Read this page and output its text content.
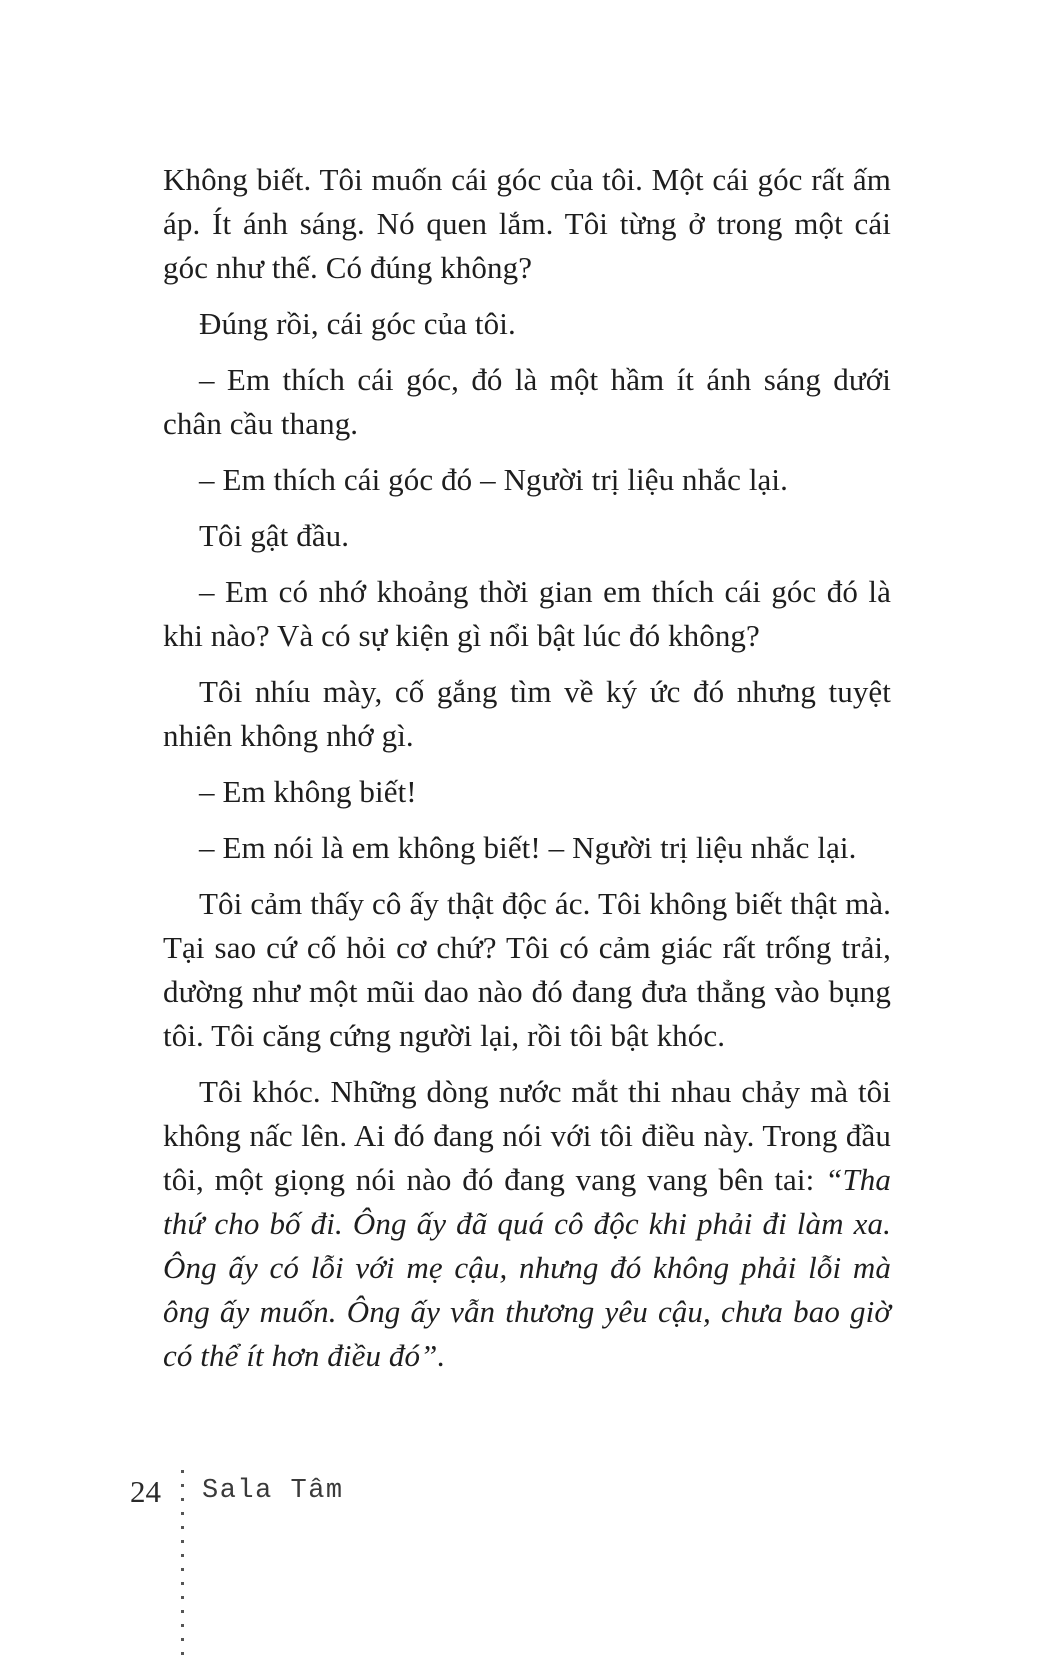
Không biết. Tôi muốn cái góc của tôi. Một cái góc rất ấm áp. Ít ánh sáng. Nó quen lắm. Tôi từng ở trong một cái góc như thế. Có đúng không?

Đúng rồi, cái góc của tôi.

– Em thích cái góc, đó là một hầm ít ánh sáng dưới chân cầu thang.

– Em thích cái góc đó – Người trị liệu nhắc lại.

Tôi gật đầu.

– Em có nhớ khoảng thời gian em thích cái góc đó là khi nào? Và có sự kiện gì nổi bật lúc đó không?

Tôi nhíu mày, cố gắng tìm về ký ức đó nhưng tuyệt nhiên không nhớ gì.

– Em không biết!

– Em nói là em không biết! – Người trị liệu nhắc lại.

Tôi cảm thấy cô ấy thật độc ác. Tôi không biết thật mà. Tại sao cứ cố hỏi cơ chứ? Tôi có cảm giác rất trống trải, dường như một mũi dao nào đó đang đưa thẳng vào bụng tôi. Tôi căng cứng người lại, rồi tôi bật khóc.

Tôi khóc. Những dòng nước mắt thi nhau chảy mà tôi không nấc lên. Ai đó đang nói với tôi điều này. Trong đầu tôi, một giọng nói nào đó đang vang vang bên tai: “Tha thứ cho bố đi. Ông ấy đã quá cô độc khi phải đi làm xa. Ông ấy có lỗi với mẹ cậu, nhưng đó không phải lỗi mà ông ấy muốn. Ông ấy vẫn thương yêu cậu, chưa bao giờ có thể ít hơn điều đó”.

24 Sala Tâm
